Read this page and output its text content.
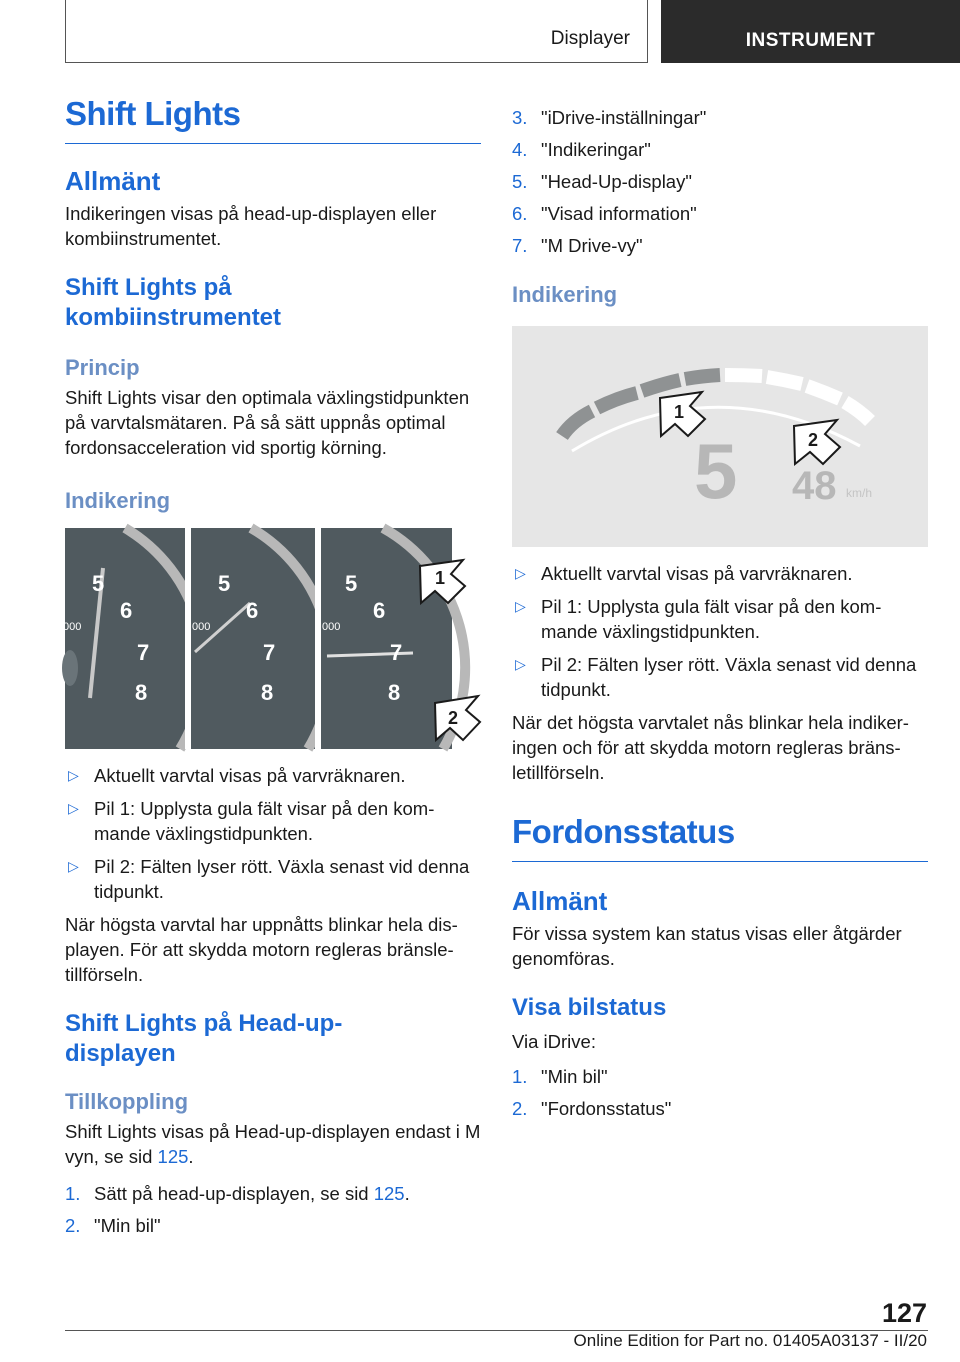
Displayer	INSTRUMENT
Shift Lights
Allmänt

Indikeringen visas på head-up-displayen eller kombiinstrumentet.

Shift Lights på
kombiinstrumentet
Princip

Shift Lights visar den optimala växlingstidpunkten på varvtalsmätaren. På så sätt uppnås optimal fordonsacceleration vid sportig körning.

Indikering
5
6
7
8
000
5
6
7
8
000
5
6
7
8
000
1
2
▷ Aktuellt varvtal visas på varvräknaren.
▷ Pil 1: Upplysta gula fält visar på den kom-mande växlingstidpunkten.
▷ Pil 2: Fälten lyser rött. Växla senast vid denna tidpunkt.

När högsta varvtal har uppnåtts blinkar hela dis-playen. För att skydda motorn regleras bränsle-tillförseln.

Shift Lights på Head-up-
displayen
Tillkoppling

Shift Lights visas på Head-up-displayen endast i M vyn, se sid 125.

1. Sätt på head-up-displayen, se sid 125.
2. "Min bil"
3. "iDrive-inställningar"
4. "Indikeringar"
5. "Head-Up-display"
6. "Visad information"
7. "M Drive-vy"
Indikering
5 48 km/h
1
2
▷ Aktuellt varvtal visas på varvräknaren.
▷ Pil 1: Upplysta gula fält visar på den kom-mande växlingstidpunkten.
▷ Pil 2: Fälten lyser rött. Växla senast vid denna tidpunkt.

När det högsta varvtalet nås blinkar hela indiker-ingen och för att skydda motorn regleras bräns-letillförseln.

Fordonsstatus
Allmänt

För vissa system kan status visas eller åtgärder genomföras.

Visa bilstatus

Via iDrive:

1. "Min bil"
2. "Fordonsstatus"
127
Online Edition for Part no. 01405A03137 - II/20
